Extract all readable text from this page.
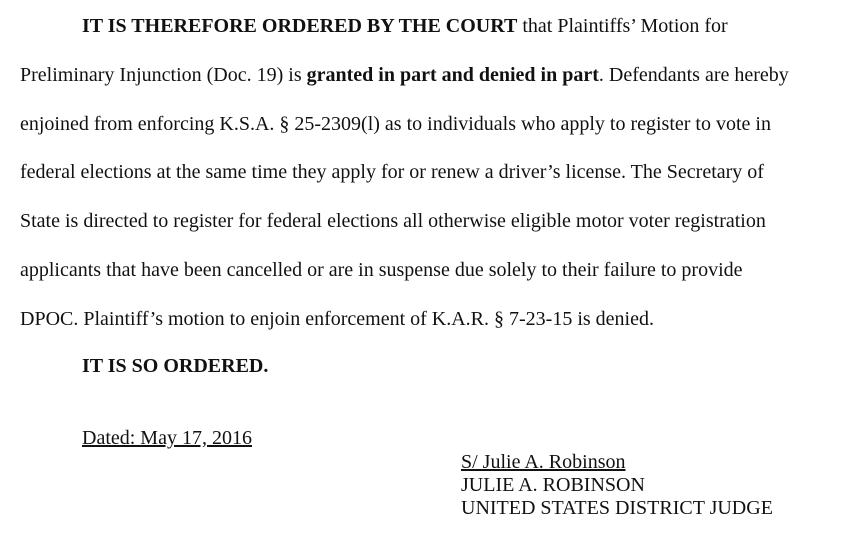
IT IS THEREFORE ORDERED BY THE COURT that Plaintiffs’ Motion for
Preliminary Injunction (Doc. 19) is granted in part and denied in part. Defendants are hereby
enjoined from enforcing K.S.A. § 25-2309(l) as to individuals who apply to register to vote in
federal elections at the same time they apply for or renew a driver’s license. The Secretary of
State is directed to register for federal elections all otherwise eligible motor voter registration
applicants that have been cancelled or are in suspense due solely to their failure to provide
DPOC. Plaintiff’s motion to enjoin enforcement of K.A.R. § 7-23-15 is denied.
IT IS SO ORDERED.
Dated: May 17, 2016
S/ Julie A. Robinson
JULIE A. ROBINSON
UNITED STATES DISTRICT JUDGE
